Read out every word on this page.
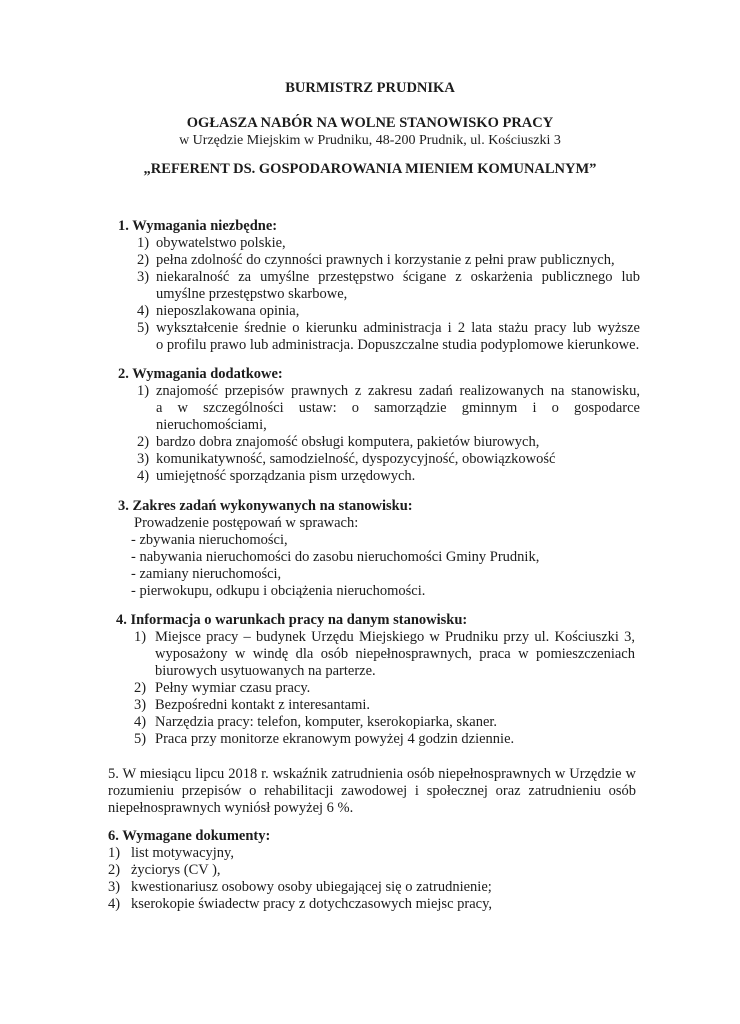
BURMISTRZ PRUDNIKA
OGŁASZA NABÓR NA WOLNE STANOWISKO PRACY
w Urzędzie Miejskim w Prudniku, 48-200 Prudnik, ul. Kościuszki 3
„REFERENT DS. GOSPODAROWANIA MIENIEM KOMUNALNYM”
1. Wymagania niezbędne:
1) obywatelstwo polskie,
2) pełna zdolność do czynności prawnych i korzystanie z pełni praw publicznych,
3) niekaralność za umyślne przestępstwo ścigane z oskarżenia publicznego lub
umyślne przestępstwo skarbowe,
4) nieposzlakowana opinia,
5) wykształcenie średnie o kierunku administracja i 2 lata stażu pracy lub wyższe
o profilu prawo lub administracja. Dopuszczalne studia podyplomowe kierunkowe.
2. Wymagania dodatkowe:
1) znajomość przepisów prawnych z zakresu zadań realizowanych na stanowisku,
a w szczególności ustaw: o samorządzie gminnym i o gospodarce
nieruchomościami,
2) bardzo dobra znajomość obsługi komputera, pakietów biurowych,
3) komunikatywność, samodzielność, dyspozycyjność, obowiązkowość
4) umiejętność sporządzania pism urzędowych.
3. Zakres zadań wykonywanych na stanowisku:
Prowadzenie postępowań w sprawach:
- zbywania nieruchomości,
- nabywania nieruchomości do zasobu nieruchomości Gminy Prudnik,
- zamiany nieruchomości,
- pierwokupu, odkupu i obciążenia nieruchomości.
4. Informacja o warunkach pracy na danym stanowisku:
1) Miejsce pracy – budynek Urzędu Miejskiego w Prudniku przy ul. Kościuszki 3,
wyposażony w windę dla osób niepełnosprawnych, praca w pomieszczeniach
biurowych usytuowanych na parterze.
2) Pełny wymiar czasu pracy.
3) Bezpośredni kontakt z interesantami.
4) Narzędzia pracy: telefon, komputer, kserokopiarka, skaner.
5) Praca przy monitorze ekranowym powyżej 4 godzin dziennie.
5. W miesiącu lipcu 2018 r. wskaźnik zatrudnienia osób niepełnosprawnych w Urzędzie w
rozumieniu przepisów o rehabilitacji zawodowej i społecznej oraz zatrudnieniu osób
niepełnosprawnych wyniósł powyżej 6 %.
6. Wymagane dokumenty:
1) list motywacyjny,
2) życiorys (CV ),
3) kwestionariusz osobowy osoby ubiegającej się o zatrudnienie;
4) kserokopie świadectw pracy z dotychczasowych miejsc pracy,
